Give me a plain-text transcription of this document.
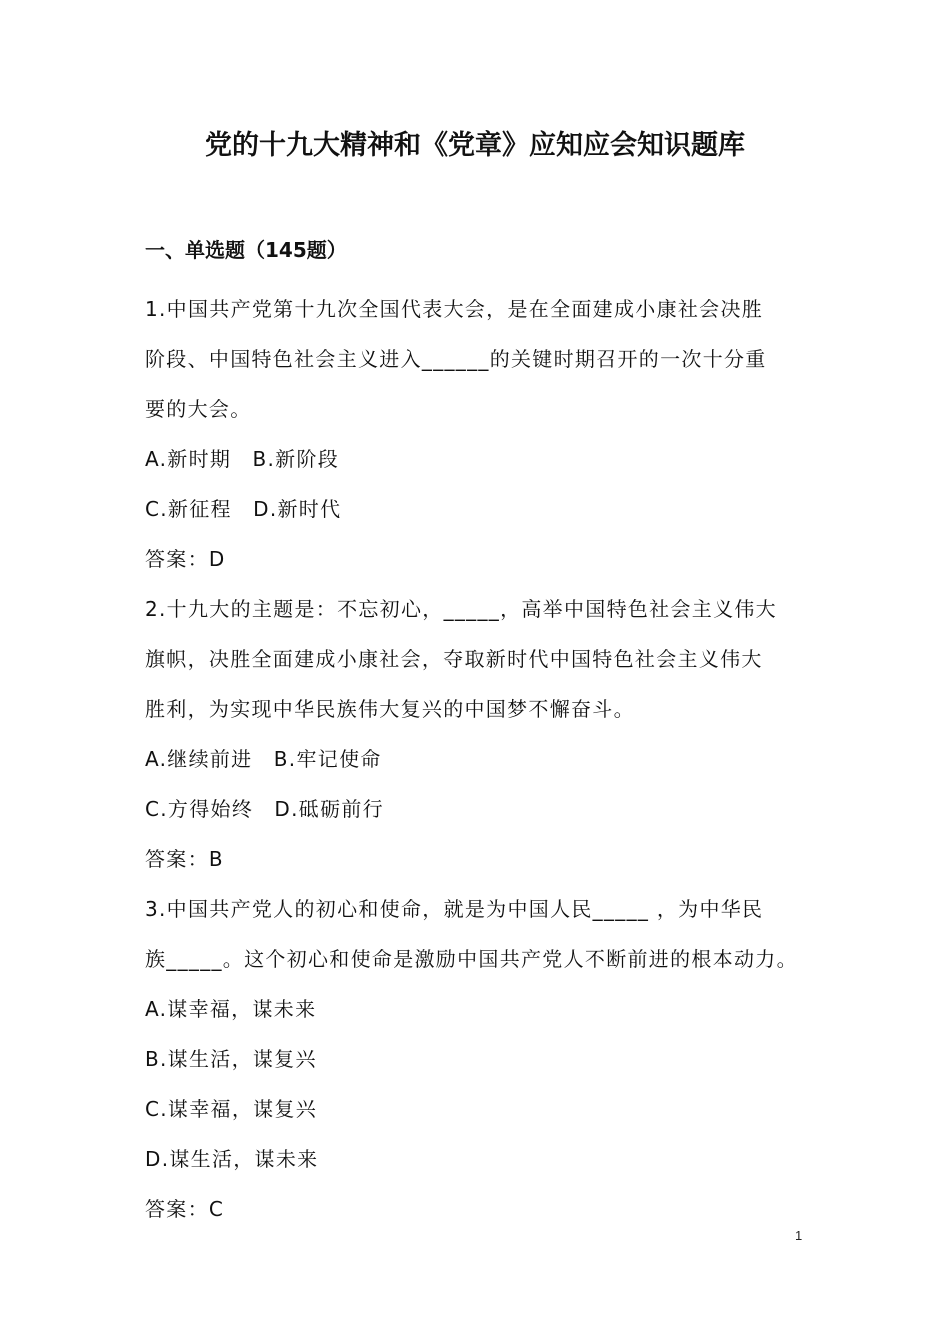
党的十九大精神和《党章》应知应会知识题库
一、单选题（145题）
1.中国共产党第十九次全国代表大会，是在全面建成小康社会决胜
阶段、中国特色社会主义进入______的关键时期召开的一次十分重
要的大会。
A.新时期　B.新阶段
C.新征程　D.新时代
答案：D
2.十九大的主题是：不忘初心，_____，高举中国特色社会主义伟大
旗帜，决胜全面建成小康社会，夺取新时代中国特色社会主义伟大
胜利，为实现中华民族伟大复兴的中国梦不懈奋斗。
A.继续前进　B.牢记使命
C.方得始终　D.砥砺前行
答案：B
3.中国共产党人的初心和使命，就是为中国人民_____ ，为中华民
族_____。这个初心和使命是激励中国共产党人不断前进的根本动力。
A.谋幸福，谋未来
B.谋生活，谋复兴
C.谋幸福，谋复兴
D.谋生活，谋未来
答案：C
1
